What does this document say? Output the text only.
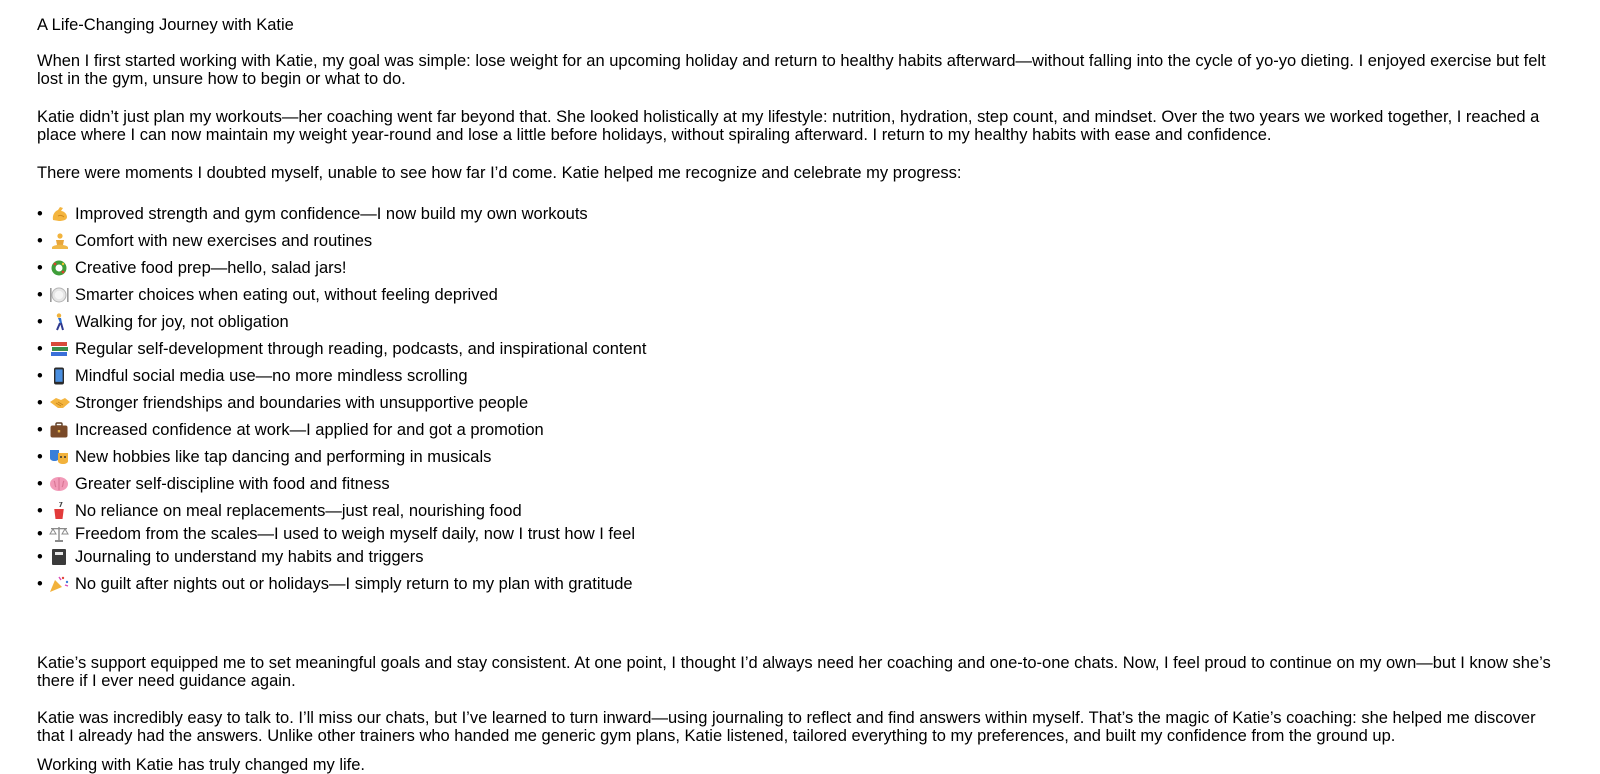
A Life-Changing Journey with Katie

When I first started working with Katie, my goal was simple: lose weight for an upcoming holiday and return to healthy habits afterward—without falling into the cycle of yo-yo dieting. I enjoyed exercise but felt lost in the gym, unsure how to begin or what to do.

Katie didn’t just plan my workouts—her coaching went far beyond that. She looked holistically at my lifestyle: nutrition, hydration, step count, and mindset. Over the two years we worked together, I reached a place where I can now maintain my weight year-round and lose a little before holidays, without spiraling afterward. I return to my healthy habits with ease and confidence.

There were moments I doubted myself, unable to see how far I’d come. Katie helped me recognize and celebrate my progress:

• Improved strength and gym confidence—I now build my own workouts
• Comfort with new exercises and routines
• Creative food prep—hello, salad jars!
• Smarter choices when eating out, without feeling deprived
• Walking for joy, not obligation
• Regular self-development through reading, podcasts, and inspirational content
• Mindful social media use—no more mindless scrolling
• Stronger friendships and boundaries with unsupportive people
• Increased confidence at work—I applied for and got a promotion
• New hobbies like tap dancing and performing in musicals
• Greater self-discipline with food and fitness
• No reliance on meal replacements—just real, nourishing food
• Freedom from the scales—I used to weigh myself daily, now I trust how I feel
• Journaling to understand my habits and triggers
• No guilt after nights out or holidays—I simply return to my plan with gratitude

Katie’s support equipped me to set meaningful goals and stay consistent. At one point, I thought I’d always need her coaching and one-to-one chats. Now, I feel proud to continue on my own—but I know she’s there if I ever need guidance again.

Katie was incredibly easy to talk to. I’ll miss our chats, but I’ve learned to turn inward—using journaling to reflect and find answers within myself. That’s the magic of Katie’s coaching: she helped me discover that I already had the answers. Unlike other trainers who handed me generic gym plans, Katie listened, tailored everything to my preferences, and built my confidence from the ground up.

Working with Katie has truly changed my life.
